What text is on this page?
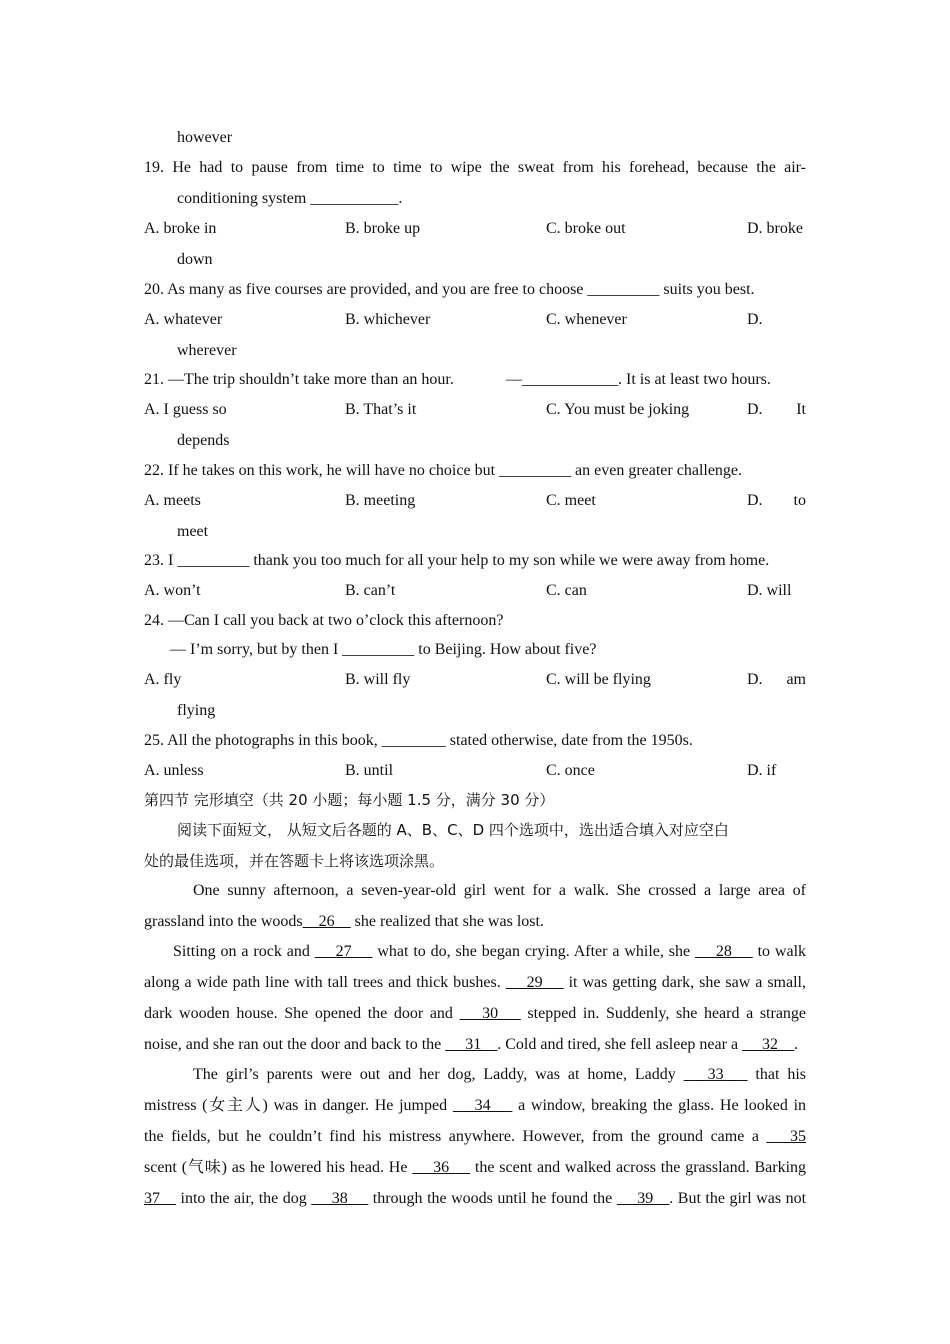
however
19. He had to pause from time to time to wipe the sweat from his forehead, because the air-
conditioning system ___________.
A. broke in	B. broke up	C. broke out	D. broke
down
20. As many as five courses are provided, and you are free to choose _________ suits you best.
A. whatever	B. whichever	C. whenever	D.
wherever
21. —The trip shouldn’t take more than an hour.	—____________. It is at least two hours.
A. I guess so	B. That’s it	C. You must be joking	D. It
depends
22. If he takes on this work, he will have no choice but _________ an even greater challenge.
A. meets	B. meeting	C. meet	D. to
meet
23. I _________ thank you too much for all your help to my son while we were away from home.
A. won’t	B. can’t	C. can	D. will
24. —Can I call you back at two o’clock this afternoon?
— I’m sorry, but by then I _________ to Beijing. How about five?
A. fly	B. will fly	C. will be flying	D. am
flying
25. All the photographs in this book, ________ stated otherwise, date from the 1950s.
A. unless	B. until	C. once	D. if
第四节 完形填空（共 20 小题；每小题 1.5 分，满分 30 分）
阅读下面短文， 从短文后各题的 A、B、C、D 四个选项中，选出适合填入对应空白
处的最佳选项，并在答题卡上将该选项涂黑。
One sunny afternoon, a seven-year-old girl went for a walk. She crossed a large area of
grassland into the woods__26__ she realized that she was lost.
Sitting on a rock and  __27__  what to do, she began crying. After a while, she  __28__  to walk
along a wide path line with tall trees and thick bushes.  __29__  it was getting dark, she saw a small,
dark wooden house. She opened the door and  __30__  stepped in. Suddenly, she heard a strange
noise, and she ran out the door and back to the  __31__. Cold and tired, she fell asleep near a  __32__.
The girl’s parents were out and her dog, Laddy, was at home, Laddy  __33__  that his
mistress (女主人) was in danger. He jumped  __34__  a window, breaking the glass. He looked in
the fields, but he couldn’t find his mistress anywhere. However, from the ground came a  __35
scent (气味) as he lowered his head. He  __36__  the scent and walked across the grassland. Barking
37__ into the air, the dog  __38__  through the woods until he found the  __39__. But the girl was not
